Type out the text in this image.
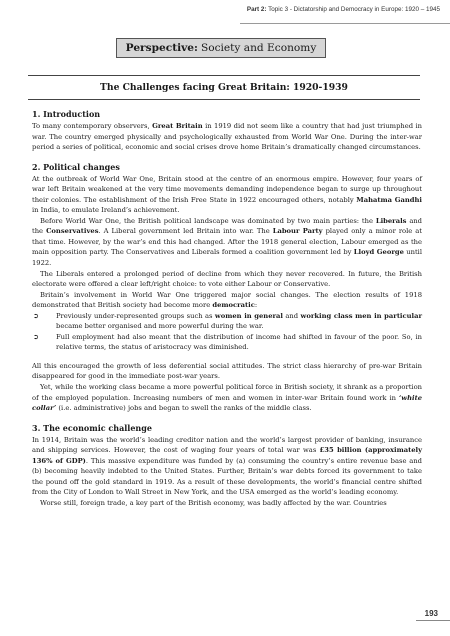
Part 2: Topic 3 - Dictatorship and Democracy in Europe: 1920 – 1945
Perspective: Society and Economy
The Challenges facing Great Britain: 1920-1939
1. Introduction

To many contemporary observers, Great Britain in 1919 did not seem like a country that had just triumphed in war. The country emerged physically and psychologically exhausted from World War One. During the inter-war period a series of political, economic and social crises drove home Britain’s dramatically changed circumstances.

2. Political changes

At the outbreak of World War One, Britain stood at the centre of an enormous empire. However, four years of war left Britain weakened at the very time movements demanding independence began to surge up throughout their colonies. The establishment of the Irish Free State in 1922 encouraged others, notably Mahatma Gandhi in India, to emulate Ireland’s achievement.

Before World War One, the British political landscape was dominated by two main parties: the Liberals and the Conservatives. A Liberal government led Britain into war. The Labour Party played only a minor role at that time. However, by the war’s end this had changed. After the 1918 general election, Labour emerged as the main opposition party. The Conservatives and Liberals formed a coalition government led by Lloyd George until 1922.

The Liberals entered a prolonged period of decline from which they never recovered. In future, the British electorate were offered a clear left/right choice: to vote either Labour or Conservative.

Britain’s involvement in World War One triggered major social changes. The election results of 1918 demonstrated that British society had become more democratic:

➲	Previously under-represented groups such as women in general and working class men in particular became better organised and more powerful during the war.
➲	Full employment had also meant that the distribution of income had shifted in favour of the poor. So, in relative terms, the status of aristocracy was diminished.

All this encouraged the growth of less deferential social attitudes. The strict class hierarchy of pre-war Britain disappeared for good in the immediate post-war years.

Yet, while the working class became a more powerful political force in British society, it shrank as a proportion of the employed population. Increasing numbers of men and women in inter-war Britain found work in ‘white collar’ (i.e. administrative) jobs and began to swell the ranks of the middle class.

3. The economic challenge

In 1914, Britain was the world’s leading creditor nation and the world’s largest provider of banking, insurance and shipping services. However, the cost of waging four years of total war was £35 billion (approximately 136% of GDP). This massive expenditure was funded by (a) consuming the country’s entire revenue base and (b) becoming heavily indebted to the United States. Further, Britain’s war debts forced its government to take the pound off the gold standard in 1919. As a result of these developments, the world’s financial centre shifted from the City of London to Wall Street in New York, and the USA emerged as the world’s leading economy.

Worse still, foreign trade, a key part of the British economy, was badly affected by the war. Countries

193
